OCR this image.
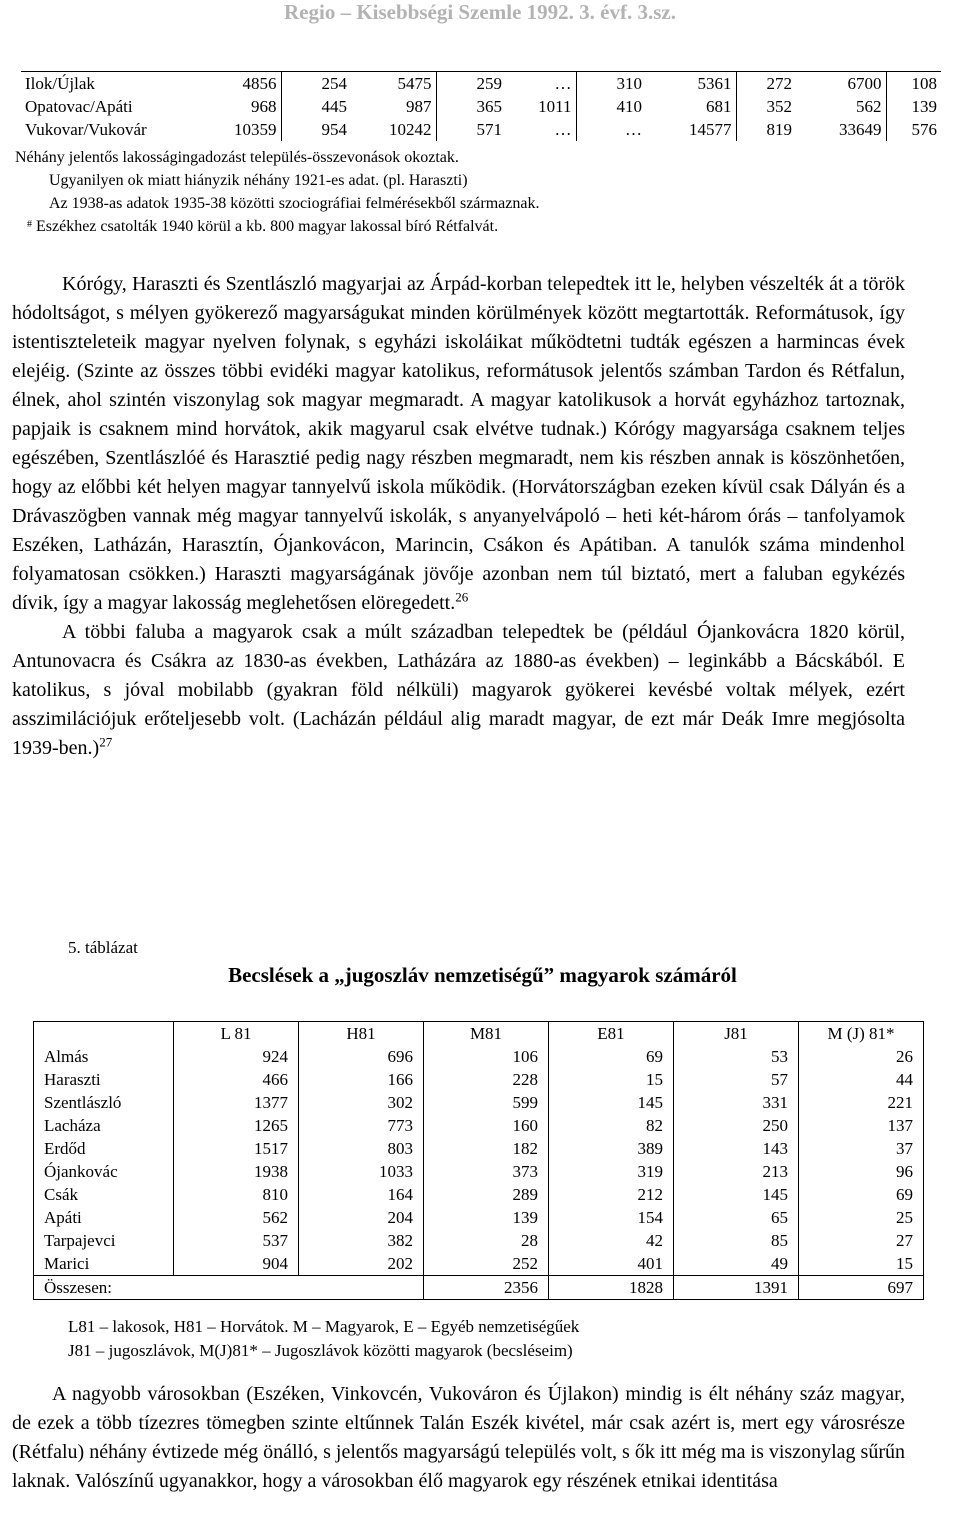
Regio – Kisebbségi Szemle 1992. 3. évf. 3.sz.
Ilok/Újlak	4856	254	5475	259	…	310	5361	272	6700	108
Opatovac/Apáti	968	445	987	365	1011	410	681	352	562	139
Vukovar/Vukovár	10359	954	10242	571	…	…	14577	819	33649	576
Néhány jelentős lakosságingadozást település-összevonások okoztak.
Ugyanilyen ok miatt hiányzik néhány 1921-es adat. (pl. Haraszti)
Az 1938-as adatok 1935-38 közötti szociográfiai felmérésekből származnak.
# Eszékhez csatolták 1940 körül a kb. 800 magyar lakossal bíró Rétfalvát.

Kórógy, Haraszti és Szentlászló magyarjai az Árpád-korban telepedtek itt le, helyben vészelték át a török hódoltságot, s mélyen gyökerező magyarságukat minden körülmények között megtartották. Reformátusok, így istentiszteleteik magyar nyelven folynak, s egyházi iskoláikat működtetni tudták egészen a harmincas évek elejéig. (Szinte az összes többi evidéki magyar katolikus, reformátusok jelentős számban Tardon és Rétfalun, élnek, ahol szintén viszonylag sok magyar megmaradt. A magyar katolikusok a horvát egyházhoz tartoznak, papjaik is csaknem mind horvátok, akik magyarul csak elvétve tudnak.) Kórógy magyarsága csaknem teljes egészében, Szentlászlóé és Harasztié pedig nagy részben megmaradt, nem kis részben annak is köszönhetően, hogy az előbbi két helyen magyar tannyelvű iskola működik. (Horvátországban ezeken kívül csak Dályán és a Drávaszögben vannak még magyar tannyelvű iskolák, s anyanyelvápoló – heti két-három órás – tanfolyamok Eszéken, Latházán, Harasztín, Ójankovácon, Marincin, Csákon és Apátiban. A tanulók száma mindenhol folyamatosan csökken.) Haraszti magyarságának jövője azonban nem túl biztató, mert a faluban egykézés dívik, így a magyar lakosság meglehetősen elöregedett.$^{26}$

A többi faluba a magyarok csak a múlt században telepedtek be (például Ójankovácra 1820 körül, Antunovacra és Csákra az 1830-as években, Latházára az 1880-as években) – leginkább a Bácskából. E katolikus, s jóval mobilabb (gyakran föld nélküli) magyarok gyökerei kevésbé voltak mélyek, ezért asszimilációjuk erőteljesebb volt. (Lacházán például alig maradt magyar, de ezt már Deák Imre megjósolta 1939-ben.)$^{27}$

5. táblázat
Becslések a „jugoszláv nemzetiségű” magyarok számáról
	L 81	H81	M81	E81	J81	M (J) 81*
Almás	924	696	106	69	53	26
Haraszti	466	166	228	15	57	44
Szentlászló	1377	302	599	145	331	221
Lacháza	1265	773	160	82	250	137
Erdőd	1517	803	182	389	143	37
Ójankovác	1938	1033	373	319	213	96
Csák	810	164	289	212	145	69
Apáti	562	204	139	154	65	25
Tarpajevci	537	382	28	42	85	27
Marici	904	202	252	401	49	15
Összesen:			2356	1828	1391	697
L81 – lakosok, H81 – Horvátok. M – Magyarok, E – Egyéb nemzetiségűek
J81 – jugoszlávok, M(J)81* – Jugoszlávok közötti magyarok (becsléseim)

A nagyobb városokban (Eszéken, Vinkovcén, Vukováron és Újlakon) mindig is élt néhány száz magyar, de ezek a több tízezres tömegben szinte eltűnnek Talán Eszék kivétel, már csak azért is, mert egy városrésze (Rétfalu) néhány évtizede még önálló, s jelentős magyarságú település volt, s ők itt még ma is viszonylag sűrűn laknak. Valószínű ugyanakkor, hogy a városokban élő magyarok egy részének etnikai identitása
